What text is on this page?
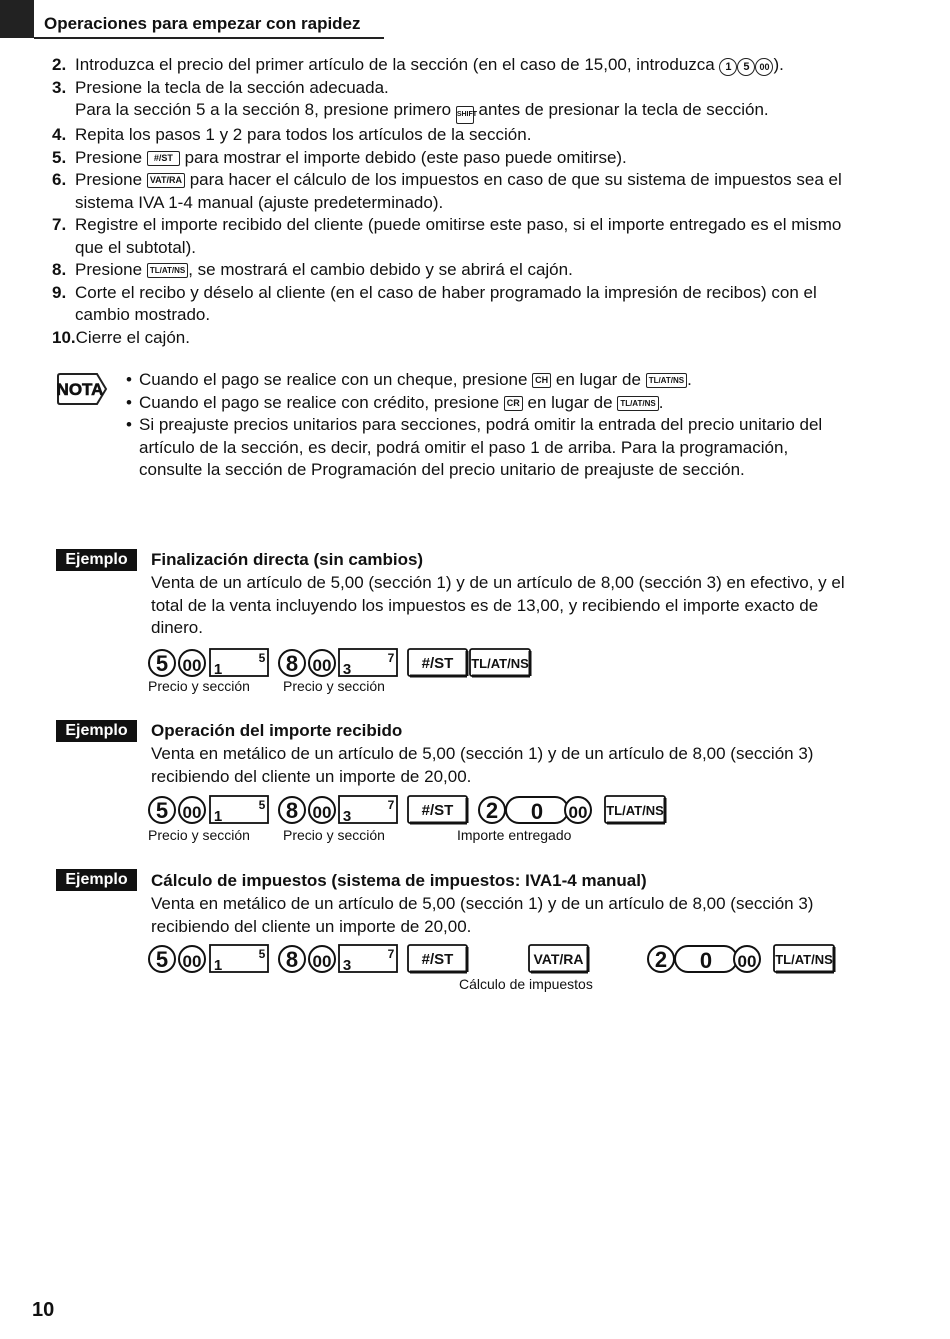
Operaciones para empezar con rapidez
2. Introduzca el precio del primer artículo de la sección (en el caso de 15,00, introduzca 1 5 00 ).
3. Presione la tecla de la sección adecuada.
Para la sección 5 a la sección 8, presione primero SHIFT antes de presionar la tecla de sección.
4. Repita los pasos 1 y 2 para todos los artículos de la sección.
5. Presione #/ST para mostrar el importe debido (este paso puede omitirse).
6. Presione VAT/RA para hacer el cálculo de los impuestos en caso de que su sistema de impuestos sea el sistema IVA 1-4 manual (ajuste predeterminado).
7. Registre el importe recibido del cliente (puede omitirse este paso, si el importe entregado es el mismo que el subtotal).
8. Presione TL/AT/NS , se mostrará el cambio debido y se abrirá el cajón.
9. Corte el recibo y déselo al cliente (en el caso de haber programado la impresión de recibos) con el cambio mostrado.
10. Cierre el cajón.
NOTA
• Cuando el pago se realice con un cheque, presione CH en lugar de TL/AT/NS .
• Cuando el pago se realice con crédito, presione CR en lugar de TL/AT/NS .
• Si preajuste precios unitarios para secciones, podrá omitir la entrada del precio unitario del artículo de la sección, es decir, podrá omitir el paso 1 de arriba. Para la programación, consulte la sección de Programación del precio unitario de preajuste de sección.
Ejemplo	Finalización directa (sin cambios)
Venta de un artículo de 5,00 (sección 1) y de un artículo de 8,00 (sección 3) en efectivo, y el total de la venta incluyendo los impuestos es de 13,00, y recibiendo el importe exacto de dinero.
5 00 1
5 8 00 3
7 #/ST TL/AT/NS
Precio y sección Precio y sección
Ejemplo	Operación del importe recibido
Venta en metálico de un artículo de 5,00 (sección 1) y de un artículo de 8,00 (sección 3) recibiendo del cliente un importe de 20,00.
5 00 1
5 8 00 3
7 #/ST 2 0 00 TL/AT/NS
Precio y sección Precio y sección	Importe entregado
Ejemplo	Cálculo de impuestos (sistema de impuestos: IVA1-4 manual)
Venta en metálico de un artículo de 5,00 (sección 1) y de un artículo de 8,00 (sección 3) recibiendo del cliente un importe de 20,00.
5 00 1
5 8 00 3
7 #/ST	VAT/RA	2 0 00 TL/AT/NS
Cálculo de impuestos
10
